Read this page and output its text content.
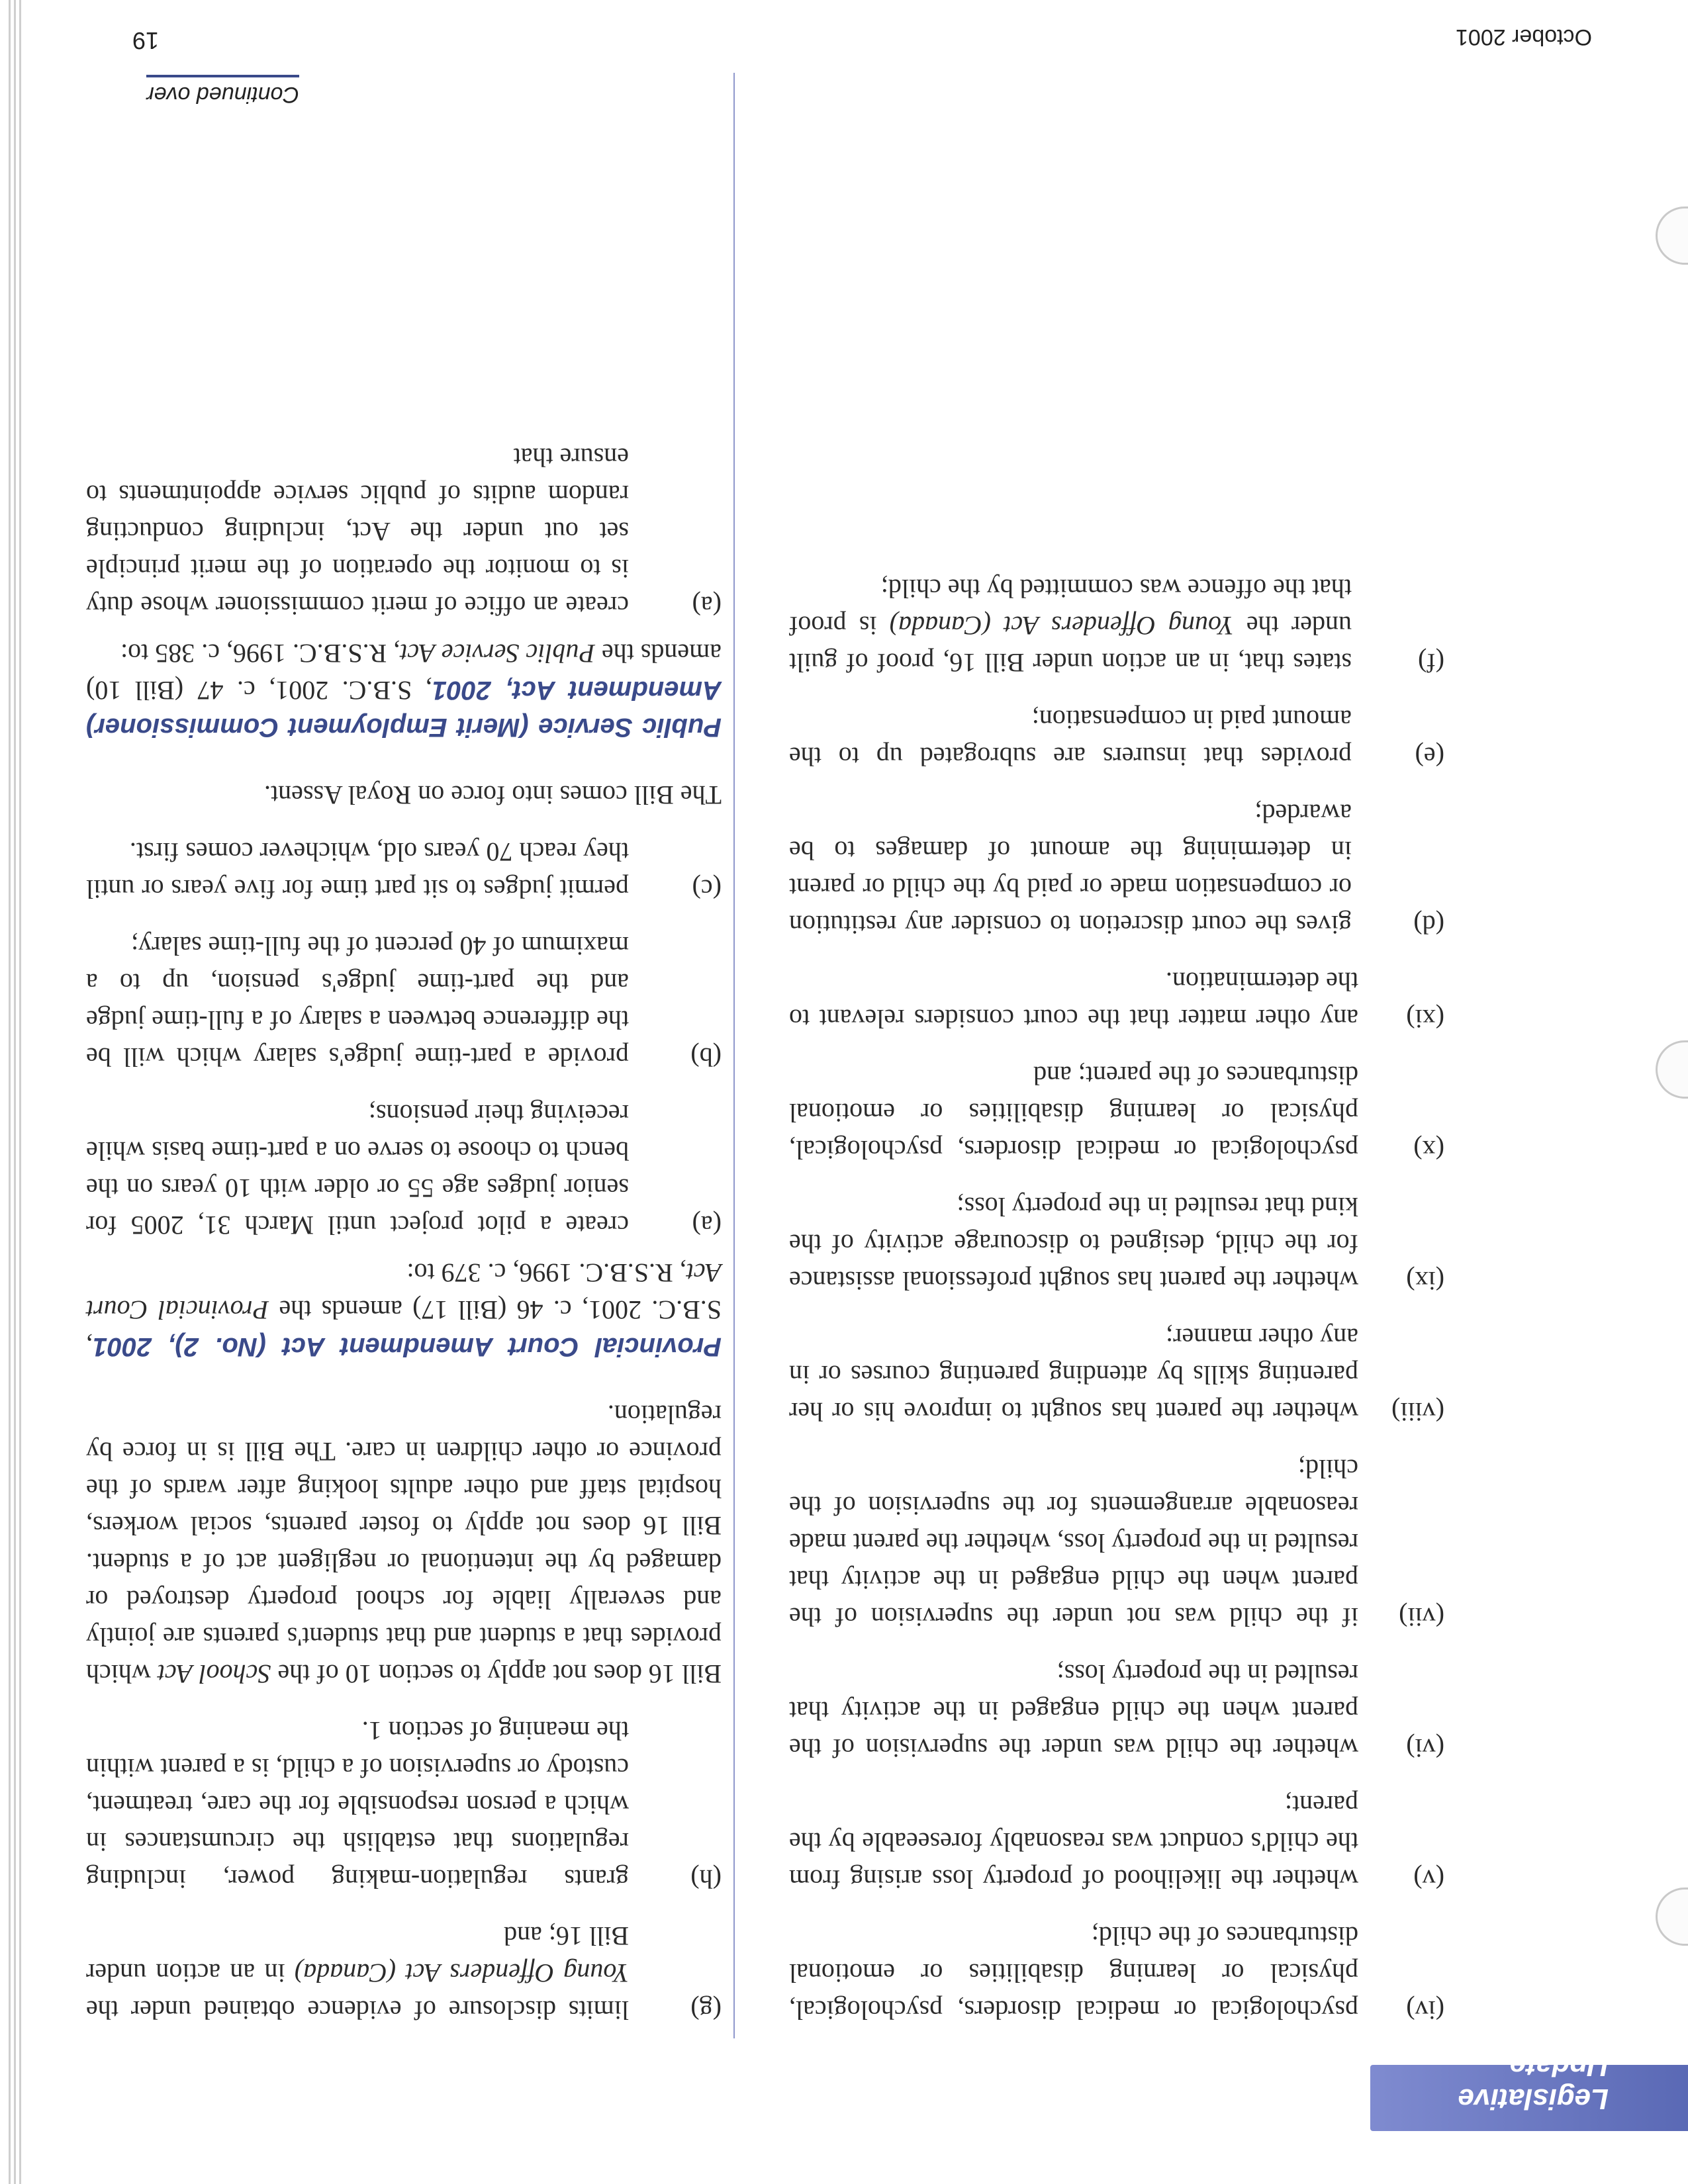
Legislative Update
(iv)
psychological or medical disorders, psychological, physical or learning disabilities or emotional disturbances of the child;
(v)
whether the likelihood of property loss arising from the child's conduct was reasonably foreseeable by the parent;
(vi)
whether the child was under the supervision of the parent when the child engaged in the activity that resulted in the property loss;
(vii)
if the child was not under the supervision of the parent when the child engaged in the activity that resulted in the property loss, whether the parent made reasonable arrangements for the supervision of the child;
(viii)
whether the parent has sought to improve his or her parenting skills by attending parenting courses or in any other manner;
(ix)
whether the parent has sought professional assistance for the child, designed to discourage activity of the kind that resulted in the property loss;
(x)
psychological or medical disorders, psychological, physical or learning disabilities or emotional disturbances of the parent; and
(xi)
any other matter that the court considers relevant to the determination.
(d)
gives the court discretion to consider any restitution or compensation made or paid by the child or parent in determining the amount of damages to be awarded;
(e)
provides that insurers are subrogated up to the amount paid in compensation;
(f)
states that, in an action under Bill 16, proof of guilt under the Young Offenders Act (Canada) is proof that the offence was committed by the child;
(g)
limits disclosure of evidence obtained under the Young Offenders Act (Canada) in an action under Bill 16; and
(h)
grants regulation-making power, including regulations that establish the circumstances in which a person responsible for the care, treatment, custody or supervision of a child, is a parent within the meaning of section 1.

Bill 16 does not apply to section 10 of the School Act which provides that a student and that student's parents are jointly and severally liable for school property destroyed or damaged by the intentional or negligent act of a student. Bill 16 does not apply to foster parents, social workers, hospital staff and other adults looking after wards of the province or other children in care. The Bill is in force by regulation.

Provincial Court Amendment Act (No. 2), 2001, S.B.C. 2001, c. 46 (Bill 17) amends the Provincial Court Act, R.S.B.C. 1996, c. 379 to:

(a)
create a pilot project until March 31, 2005 for senior judges age 55 or older with 10 years on the bench to choose to serve on a part-time basis while receiving their pensions;
(b)
provide a part-time judge's salary which will be the difference between a salary of a full-time judge and the part-time judge's pension, up to a maximum of 40 percent of the full-time salary;
(c)
permit judges to sit part time for five years or until they reach 70 years old, whichever comes first.

The Bill comes into force on Royal Assent.

Public Service (Merit Employment Commissioner) Amendment Act, 2001, S.B.C. 2001, c. 47 (Bill 10) amends the Public Service Act, R.S.B.C. 1996, c. 385 to:

(a)
create an office of merit commissioner whose duty is to monitor the operation of the merit principle set out under the Act, including conducting random audits of public service appointments to ensure that
Continued over
October 2001
19
